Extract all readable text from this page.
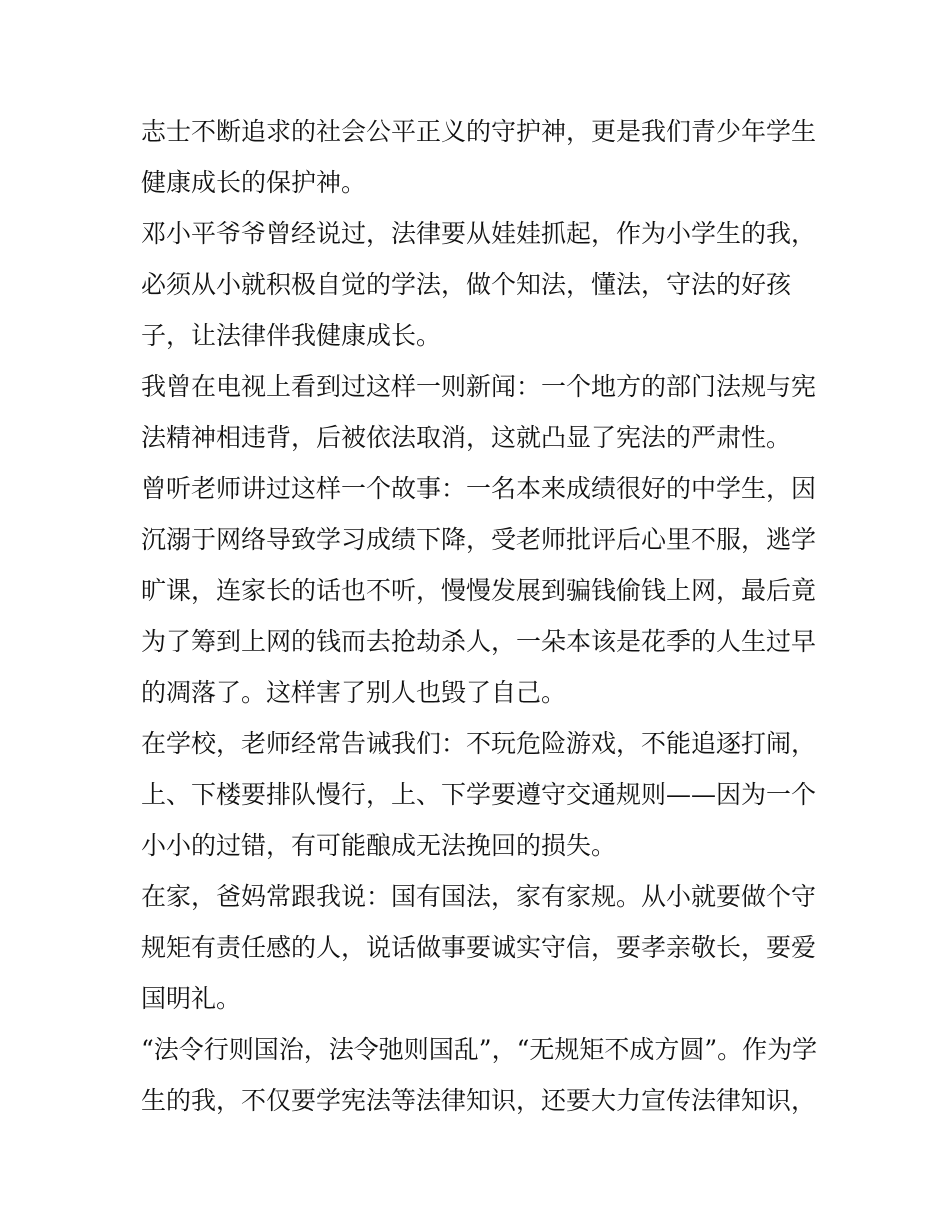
志士不断追求的社会公平正义的守护神，更是我们青少年学生
健康成长的保护神。
邓小平爷爷曾经说过，法律要从娃娃抓起，作为小学生的我，
必须从小就积极自觉的学法，做个知法，懂法，守法的好孩
子，让法律伴我健康成长。
我曾在电视上看到过这样一则新闻：一个地方的部门法规与宪
法精神相违背，后被依法取消，这就凸显了宪法的严肃性。
曾听老师讲过这样一个故事：一名本来成绩很好的中学生，因
沉溺于网络导致学习成绩下降，受老师批评后心里不服，逃学
旷课，连家长的话也不听，慢慢发展到骗钱偷钱上网，最后竟
为了筹到上网的钱而去抢劫杀人，一朵本该是花季的人生过早
的凋落了。这样害了别人也毁了自己。
在学校，老师经常告诫我们：不玩危险游戏，不能追逐打闹，
上、下楼要排队慢行，上、下学要遵守交通规则——因为一个
小小的过错，有可能酿成无法挽回的损失。
在家，爸妈常跟我说：国有国法，家有家规。从小就要做个守
规矩有责任感的人，说话做事要诚实守信，要孝亲敬长，要爱
国明礼。
“法令行则国治，法令弛则国乱”，“无规矩不成方圆”。作为学
生的我，不仅要学宪法等法律知识，还要大力宣传法律知识，
